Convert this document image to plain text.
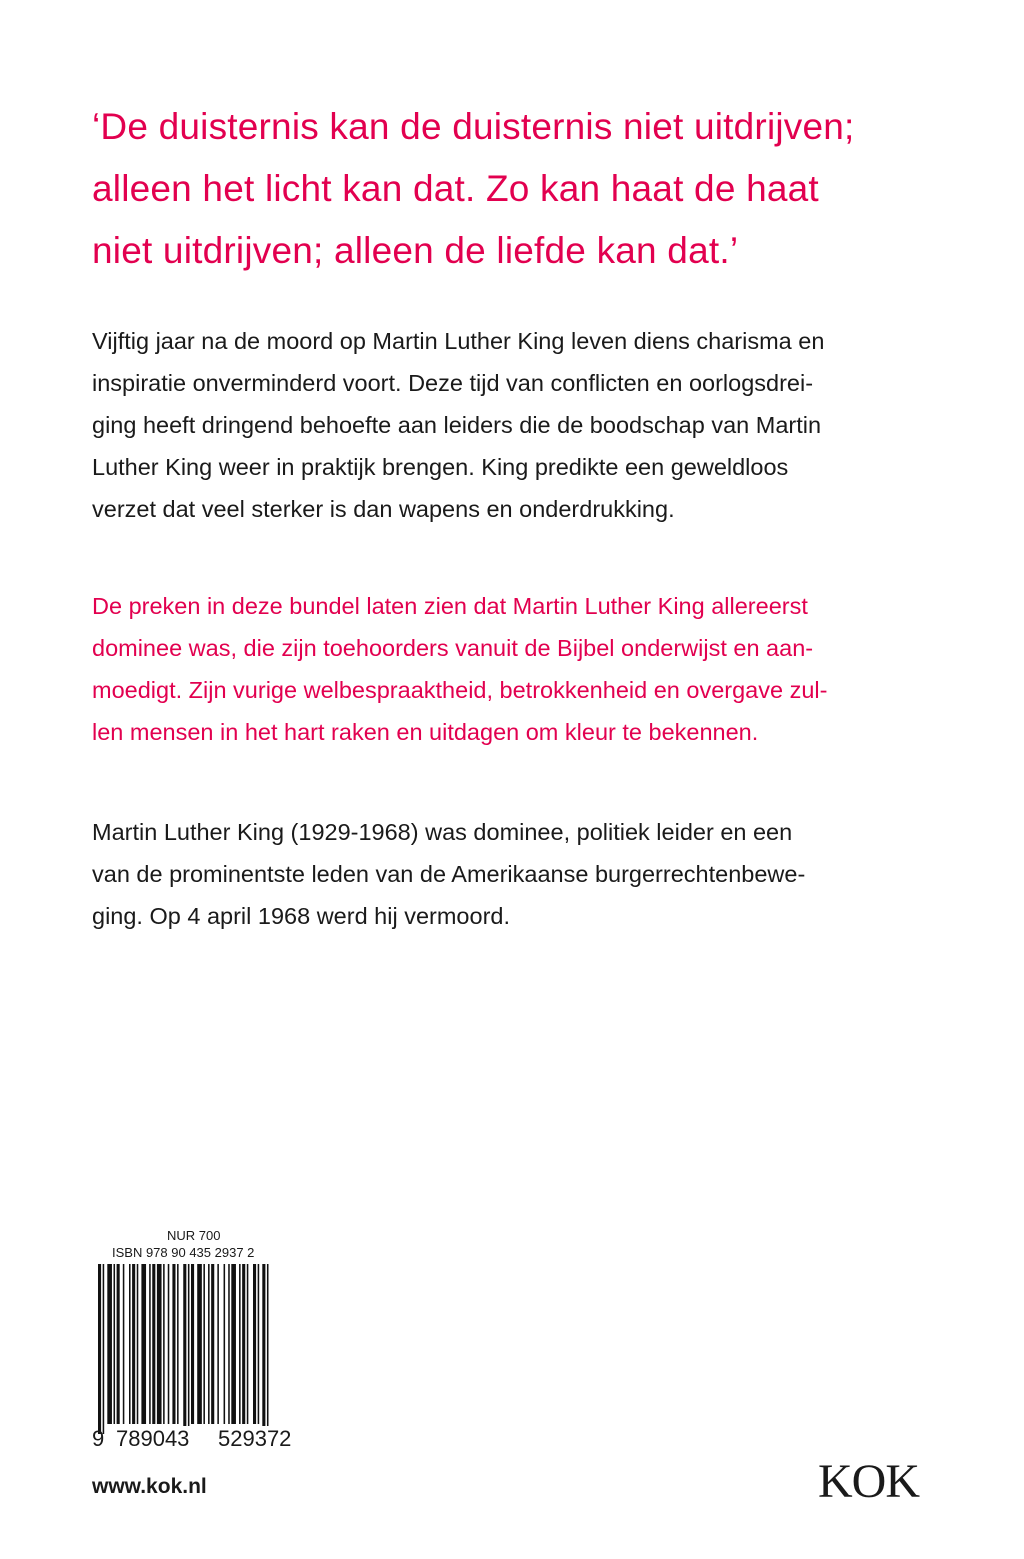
‘De duisternis kan de duisternis niet uitdrijven;
alleen het licht kan dat. Zo kan haat de haat
niet uitdrijven; alleen de liefde kan dat.’

Vijftig jaar na de moord op Martin Luther King leven diens charisma en
inspiratie onverminderd voort. Deze tijd van conflicten en oorlogsdrei-
ging heeft dringend behoefte aan leiders die de boodschap van Martin
Luther King weer in praktijk brengen. King predikte een geweldloos
verzet dat veel sterker is dan wapens en onderdrukking.

De preken in deze bundel laten zien dat Martin Luther King allereerst
dominee was, die zijn toehoorders vanuit de Bijbel onderwijst en aan-
moedigt. Zijn vurige welbespraaktheid, betrokkenheid en overgave zul-
len mensen in het hart raken en uitdagen om kleur te bekennen.

Martin Luther King (1929-1968) was dominee, politiek leider en een
van de prominentste leden van de Amerikaanse burgerrechtenbewe-
ging. Op 4 april 1968 werd hij vermoord.

NUR 700
ISBN 978 90 435 2937 2
9 789043 529372
www.kok.nl	KOK
